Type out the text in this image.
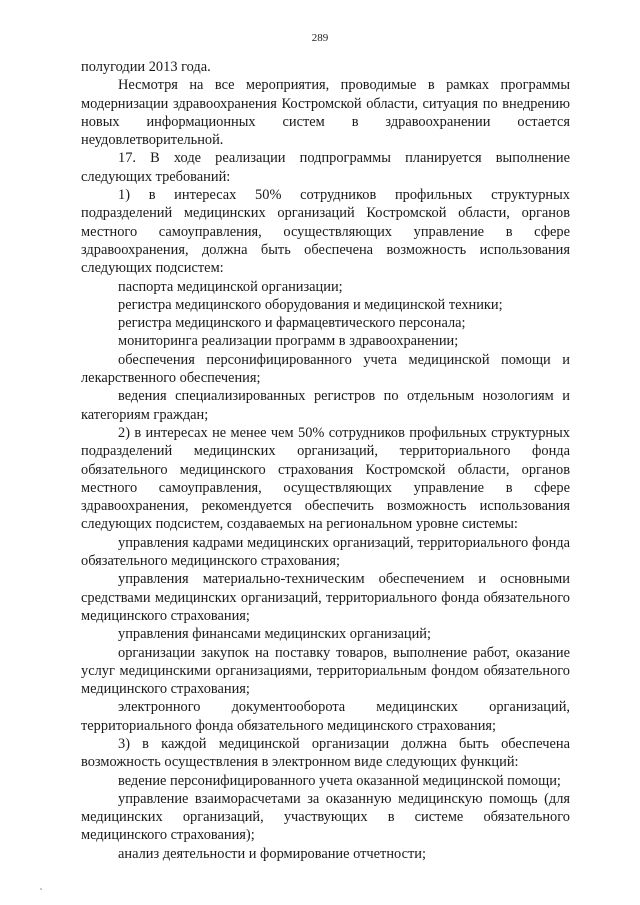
289

полугодии 2013 года.

Несмотря на все мероприятия, проводимые в рамках программы модернизации здравоохранения Костромской области, ситуация по внедрению новых информационных систем в здравоохранении остается неудовлетворительной.

17. В ходе реализации подпрограммы планируется выполнение следующих требований:

1) в интересах 50% сотрудников профильных структурных подразделений медицинских организаций Костромской области, органов местного самоуправления, осуществляющих управление в сфере здравоохранения, должна быть обеспечена возможность использования следующих подсистем:

паспорта медицинской организации;

регистра медицинского оборудования и медицинской техники;

регистра медицинского и фармацевтического персонала;

мониторинга реализации программ в здравоохранении;

обеспечения персонифицированного учета медицинской помощи и лекарственного обеспечения;

ведения специализированных регистров по отдельным нозологиям и категориям граждан;

2) в интересах не менее чем 50% сотрудников профильных структурных подразделений медицинских организаций, территориального фонда обязательного медицинского страхования Костромской области, органов местного самоуправления, осуществляющих управление в сфере здравоохранения, рекомендуется обеспечить возможность использования следующих подсистем, создаваемых на региональном уровне системы:

управления кадрами медицинских организаций, территориального фонда обязательного медицинского страхования;

управления материально-техническим обеспечением и основными средствами медицинских организаций, территориального фонда обязательного медицинского страхования;

управления финансами медицинских организаций;

организации закупок на поставку товаров, выполнение работ, оказание услуг медицинскими организациями, территориальным фондом обязательного медицинского страхования;

электронного документооборота медицинских организаций, территориального фонда обязательного медицинского страхования;

3) в каждой медицинской организации должна быть обеспечена возможность осуществления в электронном виде следующих функций:

ведение персонифицированного учета оказанной медицинской помощи;

управление взаиморасчетами за оказанную медицинскую помощь (для медицинских организаций, участвующих в системе обязательного медицинского страхования);

анализ деятельности и формирование отчетности;
